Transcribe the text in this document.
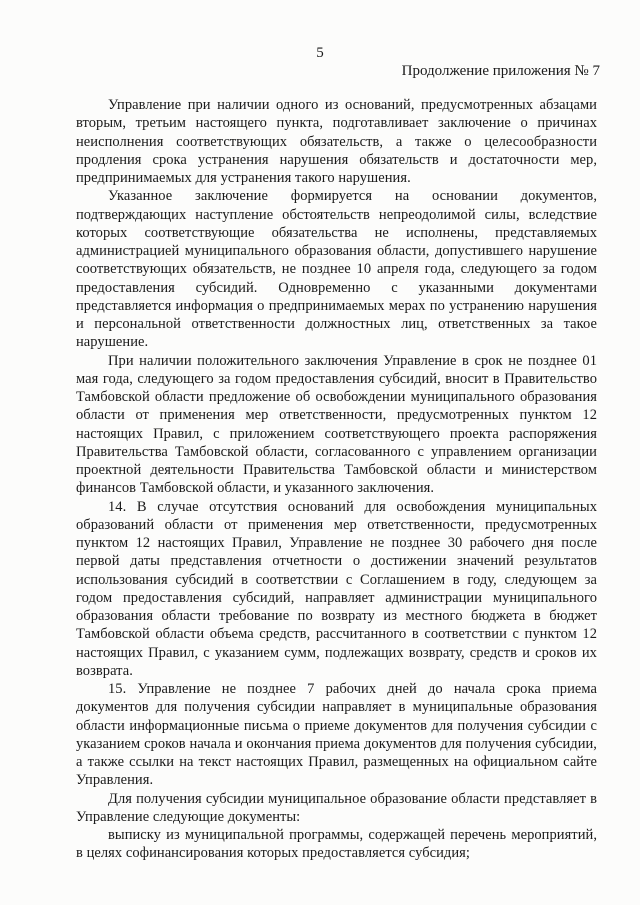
5
Продолжение приложения № 7

Управление при наличии одного из оснований, предусмотренных абзацами вторым, третьим настоящего пункта, подготавливает заключение о причинах неисполнения соответствующих обязательств, а также о целесообразности продления срока устранения нарушения обязательств и достаточности мер, предпринимаемых для устранения такого нарушения.

Указанное заключение формируется на основании документов, подтверждающих наступление обстоятельств непреодолимой силы, вследствие которых соответствующие обязательства не исполнены, представляемых администрацией муниципального образования области, допустившего нарушение соответствующих обязательств, не позднее 10 апреля года, следующего за годом предоставления субсидий. Одновременно с указанными документами представляется информация о предпринимаемых мерах по устранению нарушения и персональной ответственности должностных лиц, ответственных за такое нарушение.

При наличии положительного заключения Управление в срок не позднее 01 мая года, следующего за годом предоставления субсидий, вносит в Правительство Тамбовской области предложение об освобождении муниципального образования области от применения мер ответственности, предусмотренных пунктом 12 настоящих Правил, с приложением соответствующего проекта распоряжения Правительства Тамбовской области, согласованного с управлением организации проектной деятельности Правительства Тамбовской области и министерством финансов Тамбовской области, и указанного заключения.

14. В случае отсутствия оснований для освобождения муниципальных образований области от применения мер ответственности, предусмотренных пунктом 12 настоящих Правил, Управление не позднее 30 рабочего дня после первой даты представления отчетности о достижении значений результатов использования субсидий в соответствии с Соглашением в году, следующем за годом предоставления субсидий, направляет администрации муниципального образования области требование по возврату из местного бюджета в бюджет Тамбовской области объема средств, рассчитанного в соответствии с пунктом 12 настоящих Правил, с указанием сумм, подлежащих возврату, средств и сроков их возврата.

15. Управление не позднее 7 рабочих дней до начала срока приема документов для получения субсидии направляет в муниципальные образования области информационные письма о приеме документов для получения субсидии с указанием сроков начала и окончания приема документов для получения субсидии, а также ссылки на текст настоящих Правил, размещенных на официальном сайте Управления.

Для получения субсидии муниципальное образование области представляет в Управление следующие документы:

выписку из муниципальной программы, содержащей перечень мероприятий, в целях софинансирования которых предоставляется субсидия;
